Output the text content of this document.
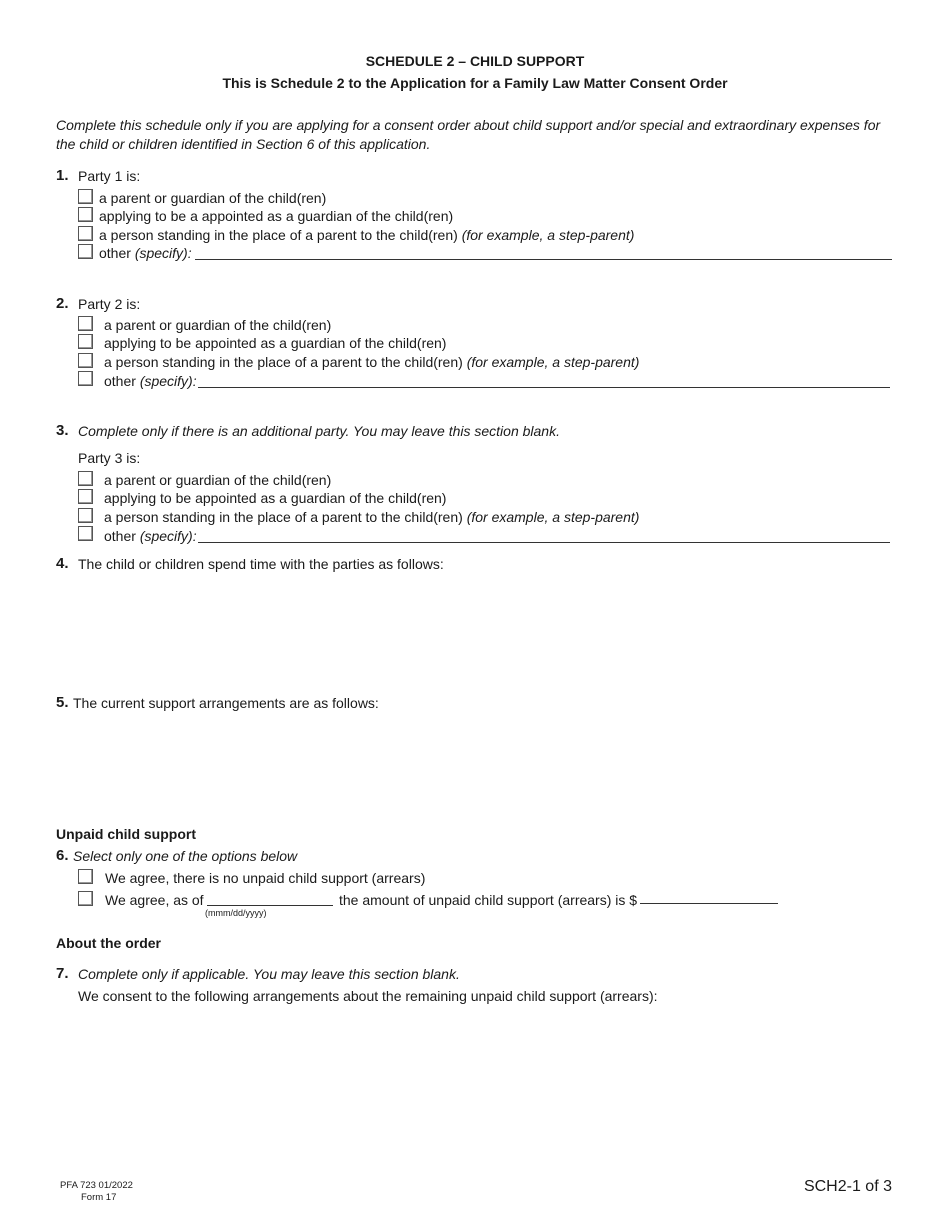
SCHEDULE 2 – CHILD SUPPORT
This is Schedule 2 to the Application for a Family Law Matter Consent Order
Complete this schedule only if you are applying for a consent order about child support and/or special and extraordinary expenses for the child or children identified in Section 6 of this application.
1. Party 1 is:
a parent or guardian of the child(ren)
applying to be a appointed as a guardian of the child(ren)
a person standing in the place of a parent to the child(ren) (for example, a step-parent)
other (specify):
2. Party 2 is:
a parent or guardian of the child(ren)
applying to be appointed as a guardian of the child(ren)
a person standing in the place of a parent to the child(ren) (for example, a step-parent)
other (specify):
3. Complete only if there is an additional party. You may leave this section blank.
Party 3 is:
a parent or guardian of the child(ren)
applying to be appointed as a guardian of the child(ren)
a person standing in the place of a parent to the child(ren) (for example, a step-parent)
other (specify):
4. The child or children spend time with the parties as follows:
5. The current support arrangements are as follows:
Unpaid child support
6. Select only one of the options below
We agree, there is no unpaid child support (arrears)
We agree, as of
(mmm/dd/yyyy)
the amount of unpaid child support (arrears) is $
About the order
7. Complete only if applicable. You may leave this section blank.
We consent to the following arrangements about the remaining unpaid child support (arrears):
PFA 723 01/2022
Form 17
SCH2-1 of 3
